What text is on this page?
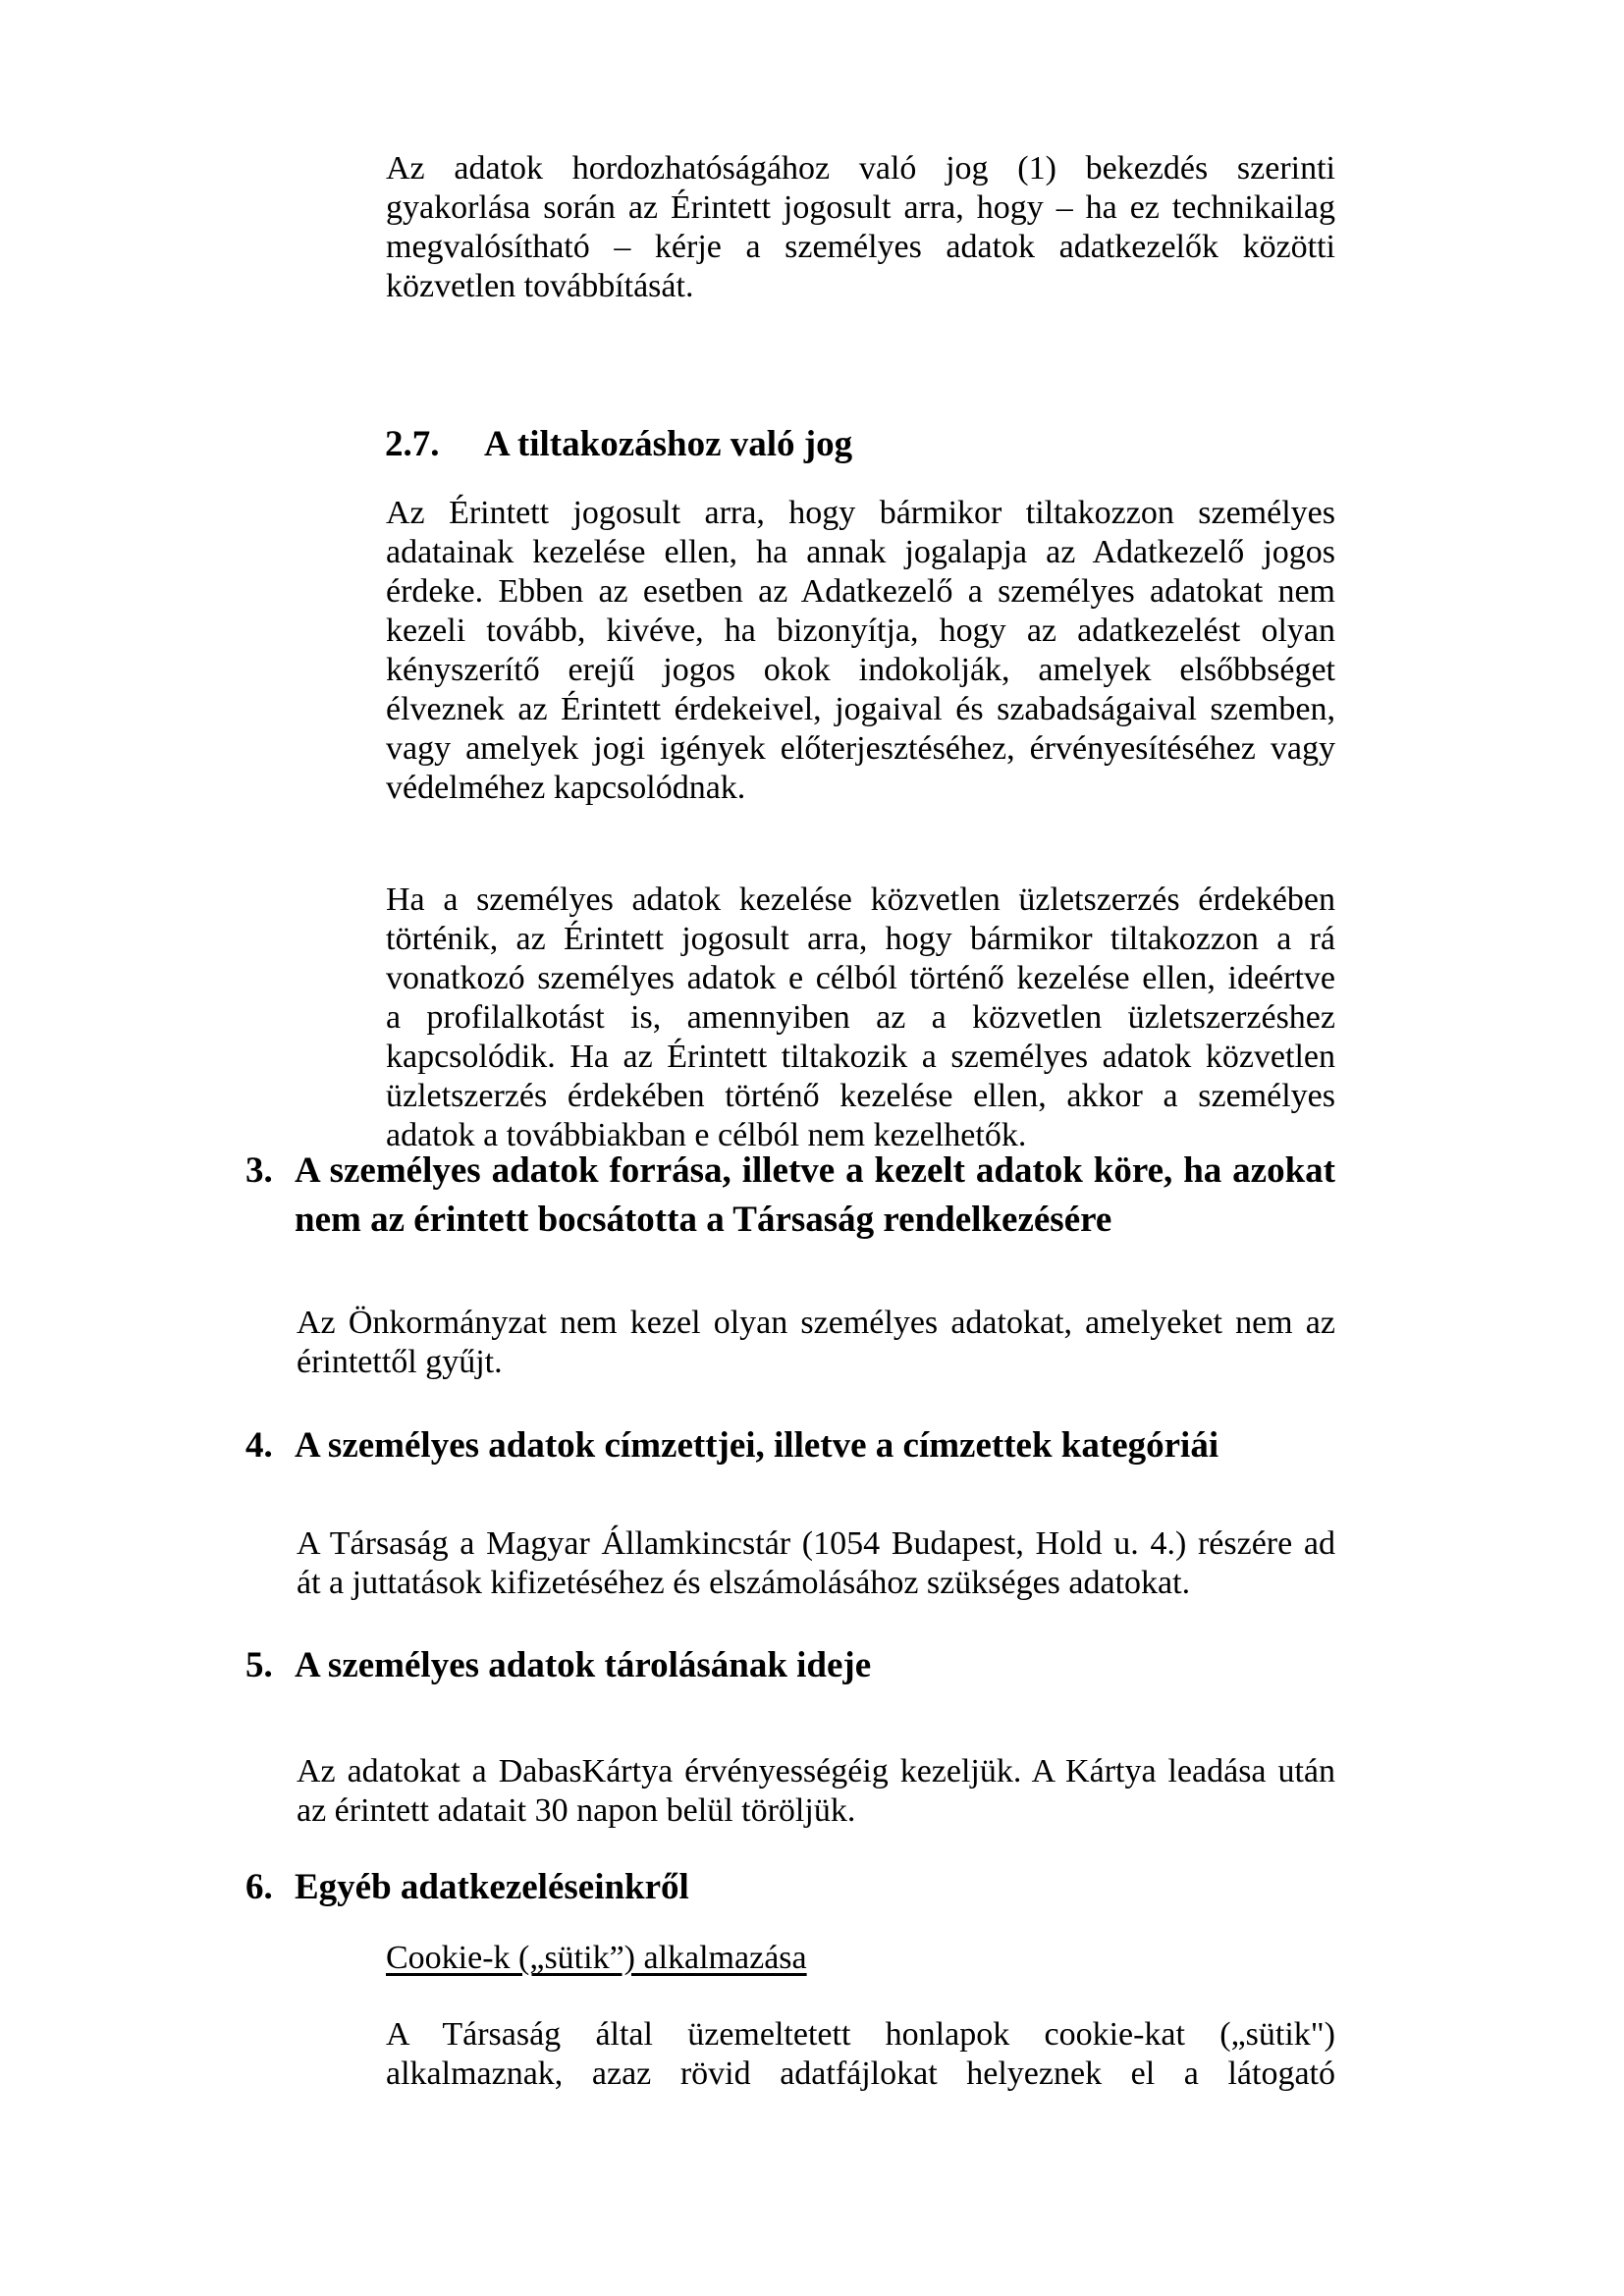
Az adatok hordozhatóságához való jog (1) bekezdés szerinti
gyakorlása során az Érintett jogosult arra, hogy – ha ez technikailag
megvalósítható – kérje a személyes adatok adatkezelők közötti
közvetlen továbbítását.
2.7. A tiltakozáshoz való jog
Az Érintett jogosult arra, hogy bármikor tiltakozzon személyes
adatainak kezelése ellen, ha annak jogalapja az Adatkezelő jogos
érdeke. Ebben az esetben az Adatkezelő a személyes adatokat nem
kezeli tovább, kivéve, ha bizonyítja, hogy az adatkezelést olyan
kényszerítő erejű jogos okok indokolják, amelyek elsőbbséget
élveznek az Érintett érdekeivel, jogaival és szabadságaival szemben,
vagy amelyek jogi igények előterjesztéséhez, érvényesítéséhez vagy
védelméhez kapcsolódnak.
Ha a személyes adatok kezelése közvetlen üzletszerzés érdekében
történik, az Érintett jogosult arra, hogy bármikor tiltakozzon a rá
vonatkozó személyes adatok e célból történő kezelése ellen, ideértve
a profilalkotást is, amennyiben az a közvetlen üzletszerzéshez
kapcsolódik. Ha az Érintett tiltakozik a személyes adatok közvetlen
üzletszerzés érdekében történő kezelése ellen, akkor a személyes
adatok a továbbiakban e célból nem kezelhetők.
3. A személyes adatok forrása, illetve a kezelt adatok köre, ha azokat
nem az érintett bocsátotta a Társaság rendelkezésére
Az Önkormányzat nem kezel olyan személyes adatokat, amelyeket nem az
érintettől gyűjt.
4. A személyes adatok címzettjei, illetve a címzettek kategóriái
A Társaság a Magyar Államkincstár (1054 Budapest, Hold u. 4.) részére ad
át a juttatások kifizetéséhez és elszámolásához szükséges adatokat.
5. A személyes adatok tárolásának ideje
Az adatokat a DabasKártya érvényességéig kezeljük. A Kártya leadása után
az érintett adatait 30 napon belül töröljük.
6. Egyéb adatkezeléseinkről
Cookie-k („sütik”) alkalmazása
A Társaság által üzemeltetett honlapok cookie-kat („sütik")
alkalmaznak, azaz rövid adatfájlokat helyeznek el a látogató
